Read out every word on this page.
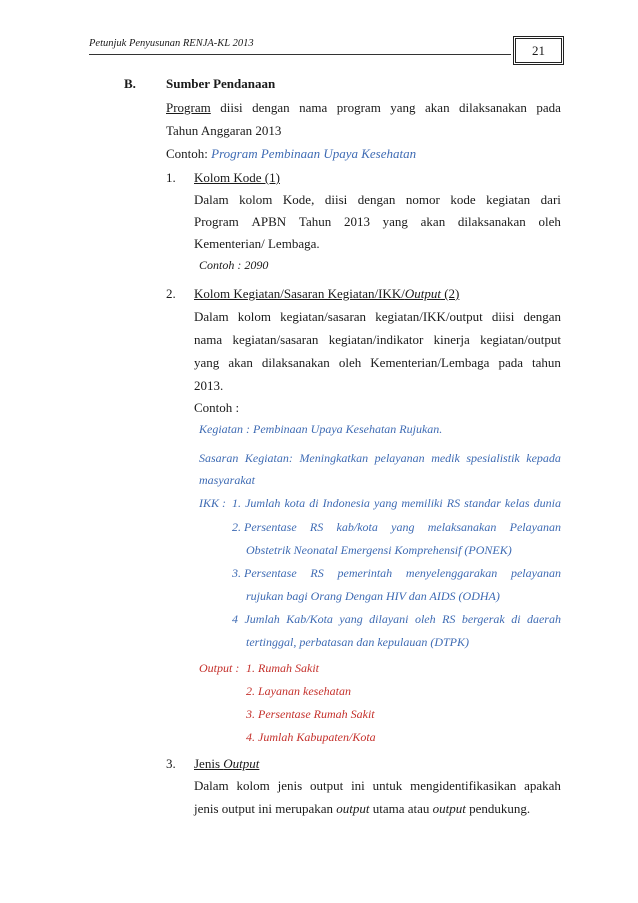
Petunjuk Penyusunan RENJA-KL 2013	21
B. Sumber Pendanaan
Program diisi dengan nama program yang akan dilaksanakan pada
Tahun Anggaran 2013
Contoh: Program Pembinaan Upaya Kesehatan
1. Kolom Kode (1)
Dalam kolom Kode, diisi dengan nomor kode kegiatan dari
Program APBN Tahun 2013 yang akan dilaksanakan oleh
Kementerian/ Lembaga.
Contoh : 2090
2. Kolom Kegiatan/Sasaran Kegiatan/IKK/Output (2)
Dalam kolom kegiatan/sasaran kegiatan/IKK/output diisi dengan
nama kegiatan/sasaran kegiatan/indikator kinerja kegiatan/output
yang akan dilaksanakan oleh Kementerian/Lembaga pada tahun
2013.
Contoh :
Kegiatan : Pembinaan Upaya Kesehatan Rujukan.
Sasaran Kegiatan: Meningkatkan pelayanan medik spesialistik kepada
masyarakat
IKK : 1. Jumlah kota di Indonesia yang memiliki RS standar kelas dunia
2. Persentase RS kab/kota yang melaksanakan Pelayanan
Obstetrik Neonatal Emergensi Komprehensif (PONEK)
3. Persentase RS pemerintah menyelenggarakan pelayanan
rujukan bagi Orang Dengan HIV dan AIDS (ODHA)
4 Jumlah Kab/Kota yang dilayani oleh RS bergerak di daerah
tertinggal, perbatasan dan kepulauan (DTPK)
Output : 1. Rumah Sakit
2. Layanan kesehatan
3. Persentase Rumah Sakit
4. Jumlah Kabupaten/Kota
3. Jenis Output
Dalam kolom jenis output ini untuk mengidentifikasikan apakah
jenis output ini merupakan output utama atau output pendukung.
